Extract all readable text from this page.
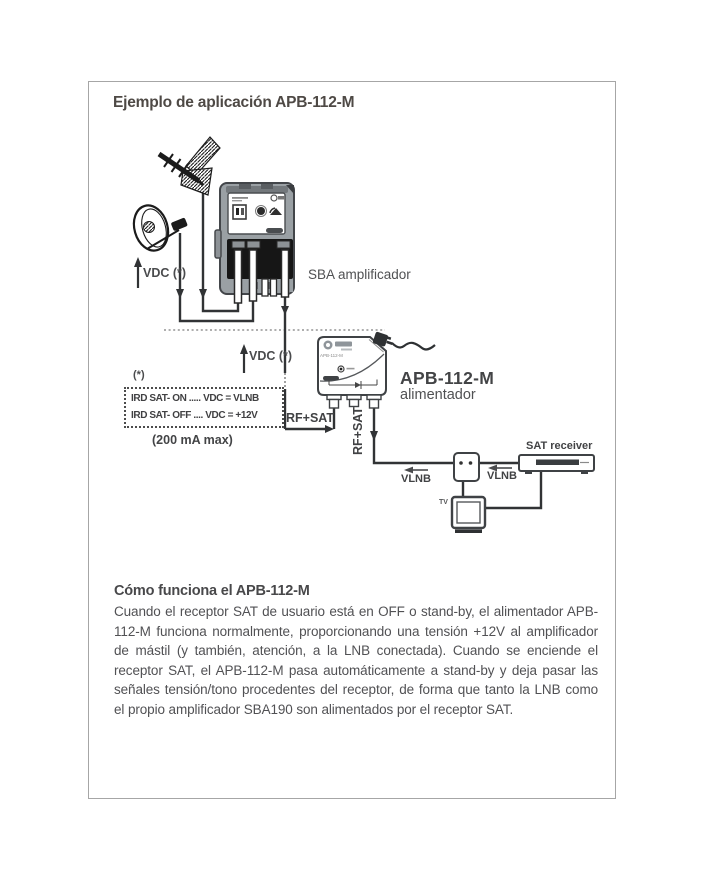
Ejemplo de aplicación APB-112-M
VDC (*)
VDC (*)
SBA amplificador
APB-112-M
alimentador
(*)
IRD SAT- ON ..... VDC = VLNB
IRD SAT- OFF .... VDC = +12V
(200 mA max)
RF+SAT RF+SAT
VLNB	VLNB
SAT receiver
TV
APB-112-M
Cómo funciona el APB-112-M
Cuando el receptor SAT de usuario está en OFF o stand-by, el alimentador APB-112-M funciona normalmente, proporcionando una tensión +12V al amplificador de mástil (y también, atención, a la LNB conectada). Cuando se enciende el receptor SAT, el APB-112-M pasa automáticamente a stand-by y deja pasar las señales tensión/tono procedentes del receptor, de forma que tanto la LNB como el propio amplificador SBA190 son alimentados por el receptor SAT.
